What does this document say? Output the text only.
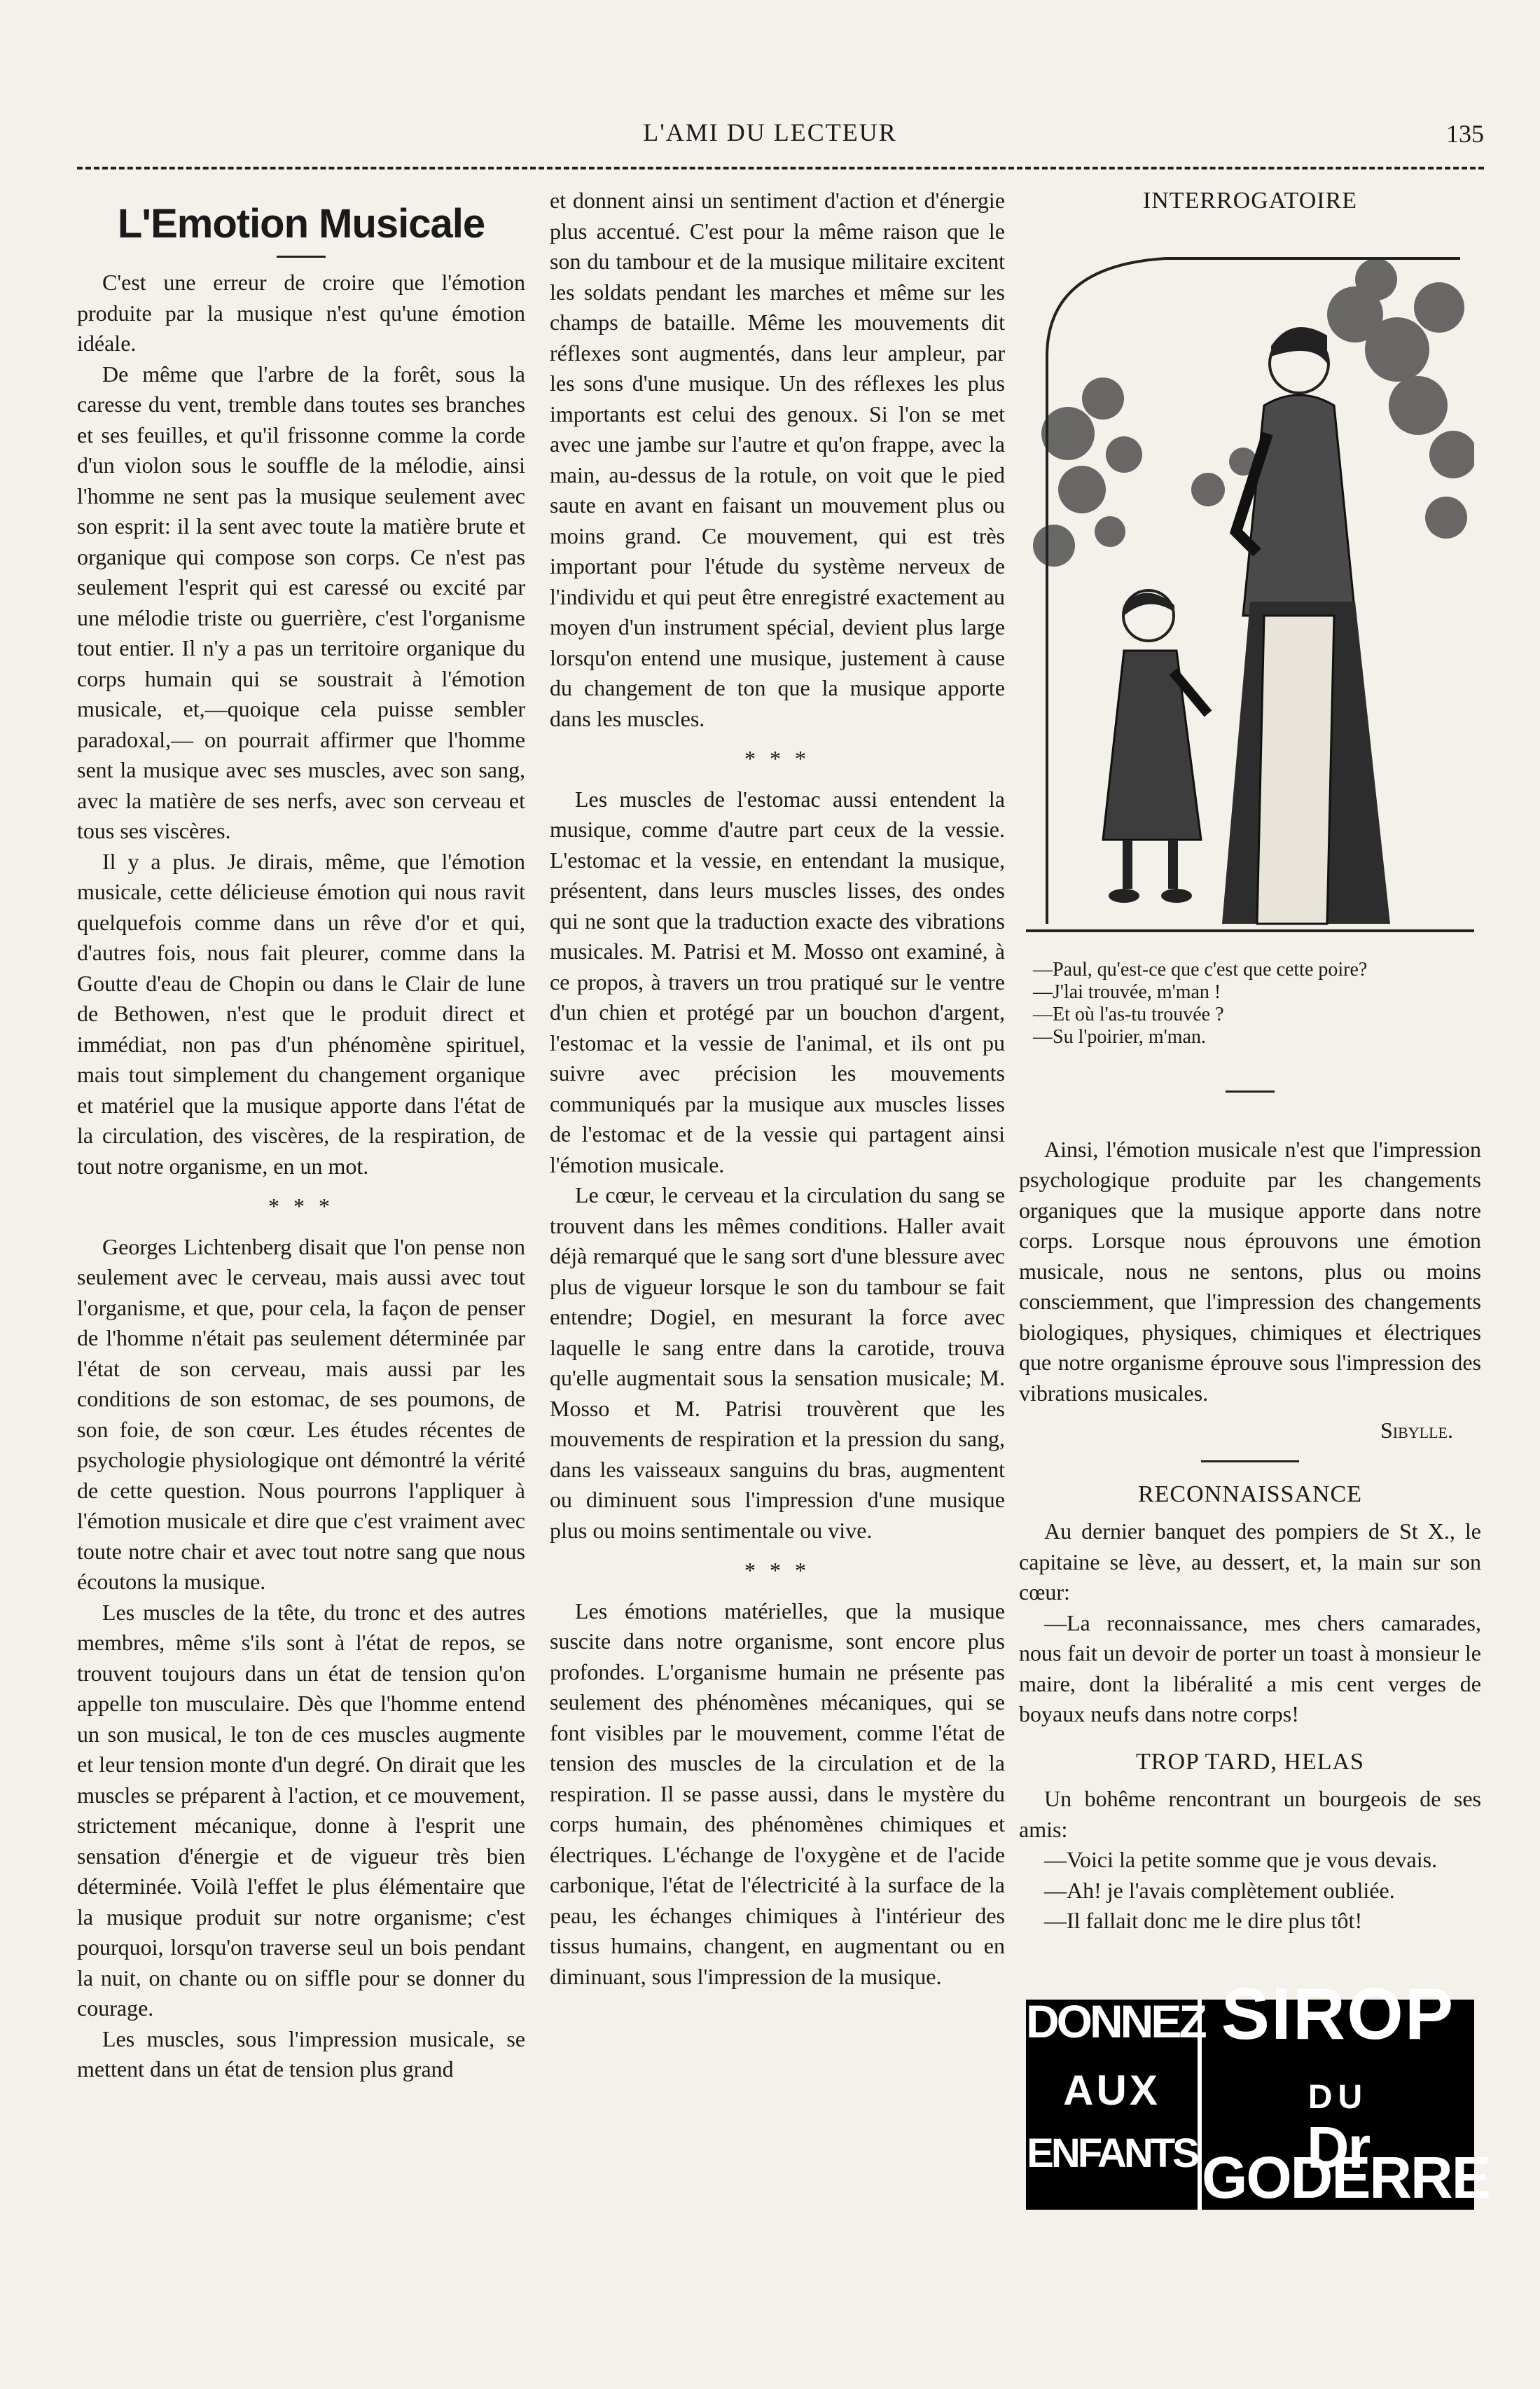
L'AMI DU LECTEUR	135
L'Emotion Musicale

C'est une erreur de croire que l'émotion produite par la musique n'est qu'une émotion idéale.

De même que l'arbre de la forêt, sous la caresse du vent, tremble dans toutes ses branches et ses feuilles, et qu'il frissonne comme la corde d'un violon sous le souffle de la mélodie, ainsi l'homme ne sent pas la musique seulement avec son esprit: il la sent avec toute la matière brute et organique qui compose son corps. Ce n'est pas seulement l'esprit qui est caressé ou excité par une mélodie triste ou guerrière, c'est l'organisme tout entier. Il n'y a pas un territoire organique du corps humain qui se soustrait à l'émotion musicale, et,—quoique cela puisse sembler paradoxal,— on pourrait affirmer que l'homme sent la musique avec ses muscles, avec son sang, avec la matière de ses nerfs, avec son cerveau et tous ses viscères.

Il y a plus. Je dirais, même, que l'émotion musicale, cette délicieuse émotion qui nous ravit quelquefois comme dans un rêve d'or et qui, d'autres fois, nous fait pleurer, comme dans la Goutte d'eau de Chopin ou dans le Clair de lune de Bethowen, n'est que le produit direct et immédiat, non pas d'un phénomène spirituel, mais tout simplement du changement organique et matériel que la musique apporte dans l'état de la circulation, des viscères, de la respiration, de tout notre organisme, en un mot.

* * *

Georges Lichtenberg disait que l'on pense non seulement avec le cerveau, mais aussi avec tout l'organisme, et que, pour cela, la façon de penser de l'homme n'était pas seulement déterminée par l'état de son cerveau, mais aussi par les conditions de son estomac, de ses poumons, de son foie, de son cœur. Les études récentes de psychologie physiologique ont démontré la vérité de cette question. Nous pourrons l'appliquer à l'émotion musicale et dire que c'est vraiment avec toute notre chair et avec tout notre sang que nous écoutons la musique.

Les muscles de la tête, du tronc et des autres membres, même s'ils sont à l'état de repos, se trouvent toujours dans un état de tension qu'on appelle ton musculaire. Dès que l'homme entend un son musical, le ton de ces muscles augmente et leur tension monte d'un degré. On dirait que les muscles se préparent à l'action, et ce mouvement, strictement mécanique, donne à l'esprit une sensation d'énergie et de vigueur très bien déterminée. Voilà l'effet le plus élémentaire que la musique produit sur notre organisme; c'est pourquoi, lorsqu'on traverse seul un bois pendant la nuit, on chante ou on siffle pour se donner du courage.

Les muscles, sous l'impression musicale, se mettent dans un état de tension plus grand

et donnent ainsi un sentiment d'action et d'énergie plus accentué. C'est pour la même raison que le son du tambour et de la musique militaire excitent les soldats pendant les marches et même sur les champs de bataille. Même les mouvements dit réflexes sont augmentés, dans leur ampleur, par les sons d'une musique. Un des réflexes les plus importants est celui des genoux. Si l'on se met avec une jambe sur l'autre et qu'on frappe, avec la main, au-dessus de la rotule, on voit que le pied saute en avant en faisant un mouvement plus ou moins grand. Ce mouvement, qui est très important pour l'étude du système nerveux de l'individu et qui peut être enregistré exactement au moyen d'un instrument spécial, devient plus large lorsqu'on entend une musique, justement à cause du changement de ton que la musique apporte dans les muscles.

* * *

Les muscles de l'estomac aussi entendent la musique, comme d'autre part ceux de la vessie. L'estomac et la vessie, en entendant la musique, présentent, dans leurs muscles lisses, des ondes qui ne sont que la traduction exacte des vibrations musicales. M. Patrisi et M. Mosso ont examiné, à ce propos, à travers un trou pratiqué sur le ventre d'un chien et protégé par un bouchon d'argent, l'estomac et la vessie de l'animal, et ils ont pu suivre avec précision les mouvements communiqués par la musique aux muscles lisses de l'estomac et de la vessie qui partagent ainsi l'émotion musicale.

Le cœur, le cerveau et la circulation du sang se trouvent dans les mêmes conditions. Haller avait déjà remarqué que le sang sort d'une blessure avec plus de vigueur lorsque le son du tambour se fait entendre; Dogiel, en mesurant la force avec laquelle le sang entre dans la carotide, trouva qu'elle augmentait sous la sensation musicale; M. Mosso et M. Patrisi trouvèrent que les mouvements de respiration et la pression du sang, dans les vaisseaux sanguins du bras, augmentent ou diminuent sous l'impression d'une musique plus ou moins sentimentale ou vive.

* * *

Les émotions matérielles, que la musique suscite dans notre organisme, sont encore plus profondes. L'organisme humain ne présente pas seulement des phénomènes mécaniques, qui se font visibles par le mouvement, comme l'état de tension des muscles de la circulation et de la respiration. Il se passe aussi, dans le mystère du corps humain, des phénomènes chimiques et électriques. L'échange de l'oxygène et de l'acide carbonique, l'état de l'électricité à la surface de la peau, les échanges chimiques à l'intérieur des tissus humains, changent, en augmentant ou en diminuant, sous l'impression de la musique.

INTERROGATOIRE

—Paul, qu'est-ce que c'est que cette poire?

—J'lai trouvée, m'man !

—Et où l'as-tu trouvée ?

—Su l'poirier, m'man.

Ainsi, l'émotion musicale n'est que l'impression psychologique produite par les changements organiques que la musique apporte dans notre corps. Lorsque nous éprouvons une émotion musicale, nous ne sentons, plus ou moins consciemment, que l'impression des changements biologiques, physiques, chimiques et électriques que notre organisme éprouve sous l'impression des vibrations musicales.

Sibylle.
RECONNAISSANCE

Au dernier banquet des pompiers de St X., le capitaine se lève, au dessert, et, la main sur son cœur:

—La reconnaissance, mes chers camarades, nous fait un devoir de porter un toast à monsieur le maire, dont la libéralité a mis cent verges de boyaux neufs dans notre corps!

TROP TARD, HELAS

Un bohême rencontrant un bourgeois de ses amis:

—Voici la petite somme que je vous devais.

—Ah! je l'avais complètement oubliée.

—Il fallait donc me le dire plus tôt!

DONNEZ
AUX
ENFANTS
SIROP
DU
Dr GODERRE
